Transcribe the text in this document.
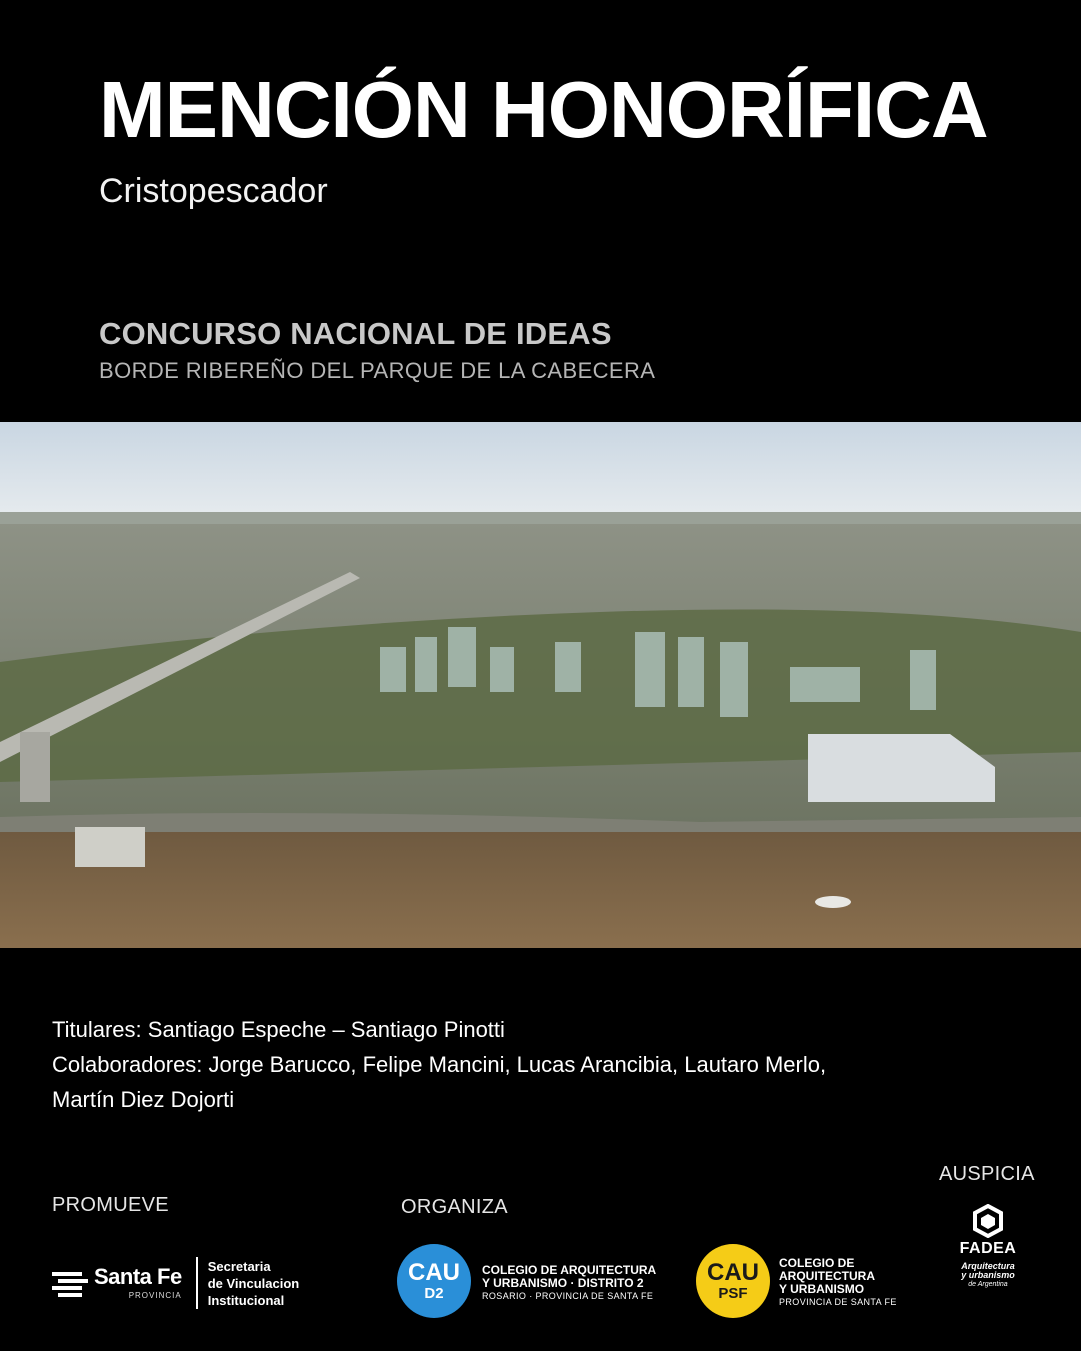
MENCIÓN HONORÍFICA
Cristopescador
CONCURSO NACIONAL DE IDEAS
BORDE RIBEREÑO DEL PARQUE DE LA CABECERA
Titulares: Santiago Espeche – Santiago Pinotti
Colaboradores: Jorge Barucco, Felipe Mancini, Lucas Arancibia, Lautaro Merlo,
Martín Diez Dojorti
PROMUEVE	ORGANIZA
AUSPICIA
Santa Fe
PROVINCIA
Secretaria
de Vinculacion
Institucional
CAU
D2
COLEGIO DE ARQUITECTURA
Y URBANISMO · DISTRITO 2
ROSARIO · PROVINCIA DE SANTA FE
CAU
PSF
COLEGIO DE
ARQUITECTURA
Y URBANISMO
PROVINCIA DE SANTA FE
FADEA
Arquitectura
y urbanismo
de Argentina
